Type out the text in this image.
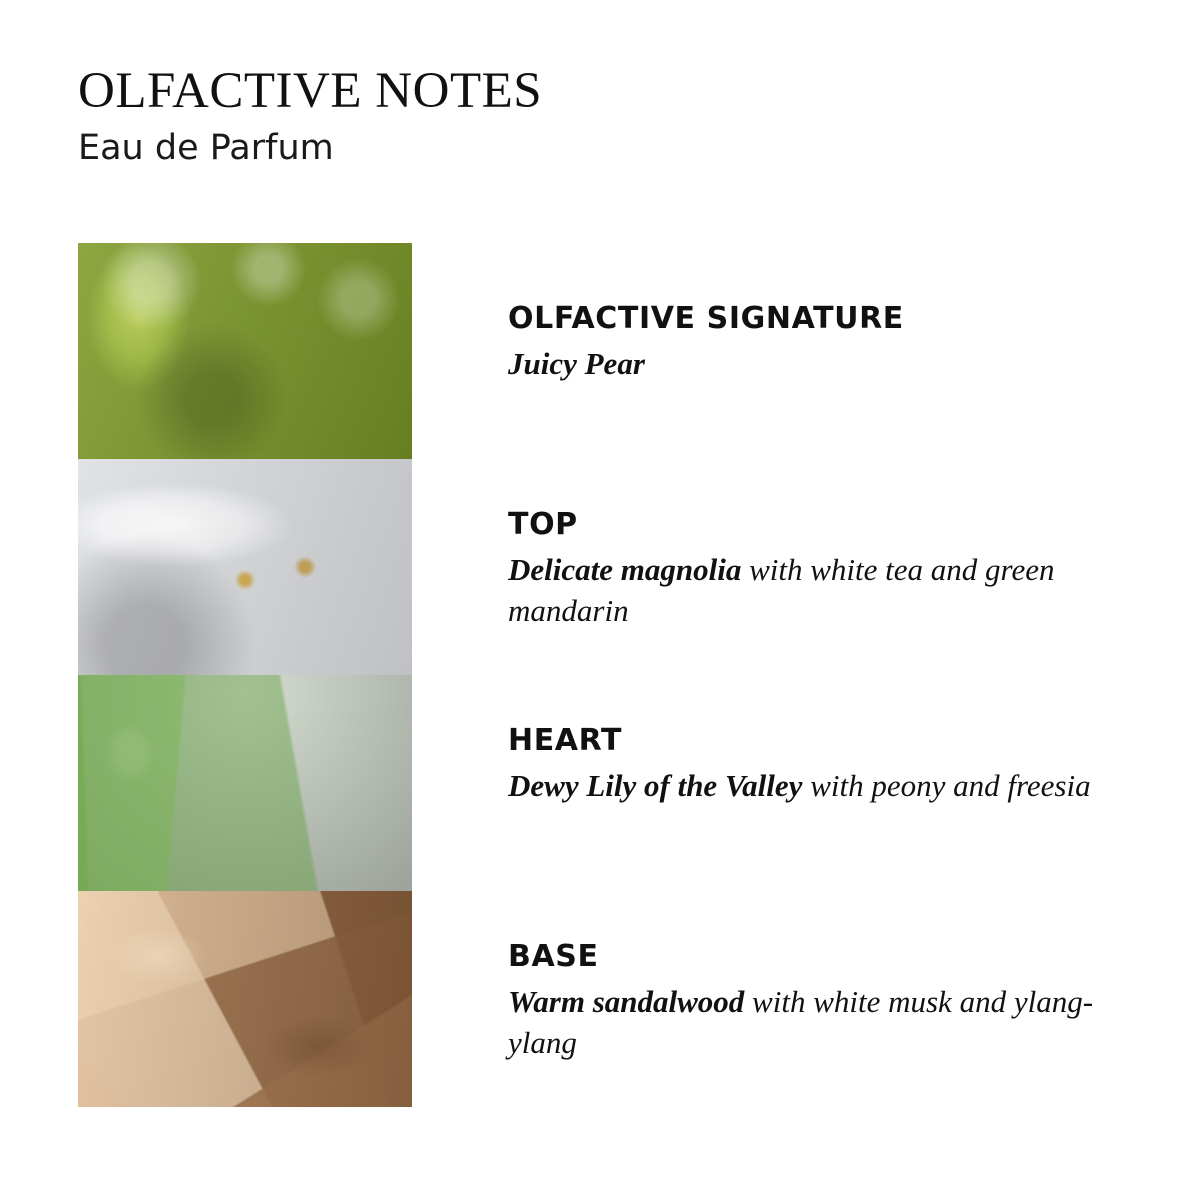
OLFACTIVE NOTES
Eau de Parfum
OLFACTIVE SIGNATURE

Juicy Pear

TOP

Delicate magnolia with white tea and green mandarin

HEART

Dewy Lily of the Valley with peony and freesia

BASE

Warm sandalwood with white musk and ylang-ylang
